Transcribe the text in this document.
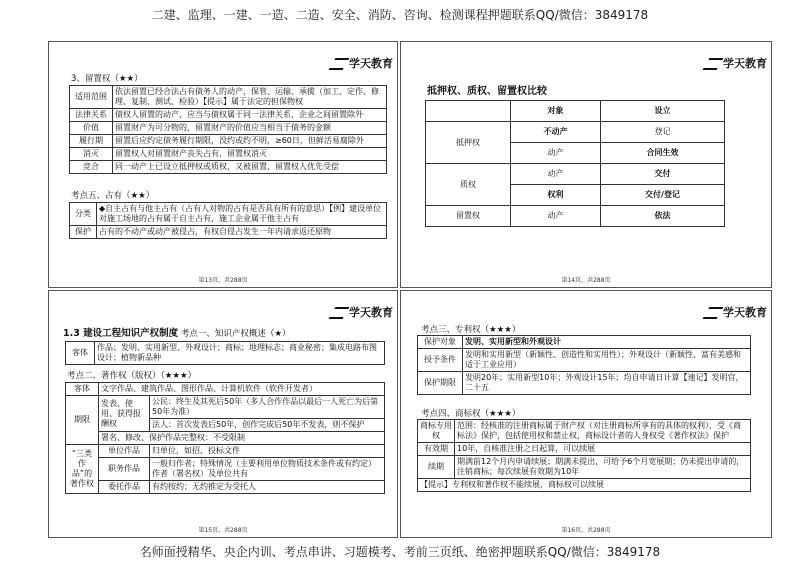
二建、监理、一建、一造、二造、安全、消防、咨询、检测课程押题联系QQ/微信：3849178
学天教育
3、留置权（★★）
适用范围	依法留置已经合法占有债务人的动产，保管、运输、承揽（加工、定作、修理、复制、测试、检验）【提示】属于法定的担保物权
法律关系	债权人留置的动产，应当与债权属于同一法律关系，企业之间留置除外
价值	留置财产为可分物的，留置财产的价值应当相当于债务的金额
履行期	留置后应约定债务履行期限，没约或约不明，≥60日，但鲜活易腐除外
消灭	留置权人对留置财产丧失占有，留置权消灭
竞合	同一动产上已设立抵押权或质权，又被留置，留置权人优先受偿
考点五、占有（★★）
分类	◆自主占有与他主占有（占有人对物的占有是否具有所有的意思）【例】建设单位对施工场地的占有属于自主占有，施工企业属于他主占有
保护	占有的不动产或动产被侵占，有权自侵占发生一年内请求返还原物
第13页，共288页
学天教育
抵押权、质权、留置权比较
	对象	设立
抵押权	不动产	登记
	动产	合同生效
质权	动产	交付
	权利	交付/登记
留置权	动产	依法
第14页，共288页
学天教育
1.3 建设工程知识产权制度 考点一、知识产权概述（★）
客体	作品；发明、实用新型、外观设计；商标；地理标志；商业秘密；集成电路布图设计；植物新品种
考点二、著作权（版权）（★★★）
客体	文字作品、建筑作品、图形作品、计算机软件（软件开发者）	
期限	发表、使用、获得报酬权	公民：终生及其死后50年（多人合作作品以最后一人死亡为后第50年为准）
		法人：首次发表后50年，创作完成后50年不发表，则不保护
	署名、修改、保护作品完整权：不受限制	
“三类作品”的著作权	单位作品	归单位，如招、投标文件
	职务作品	一般归作者；特殊情况（主要利用单位物质技术条件或有约定）作者（署名权）及单位共有
	委托作品	有约按约；无约推定为受托人
第15页，共288页
学天教育
考点三、专利权（★★★）
保护对象	发明、实用新型和外观设计
授予条件	发明和实用新型（新颖性、创造性和实用性）；外观设计（新颖性、富有美感和适于工业应用）
保护期限	发明20年；实用新型10年；外观设计15年；均自申请日计算【速记】发明官，二十五
考点四、商标权（★★★）
商标专用权	范围：经核准的注册商标属于财产权（对注册商标所享有的具体的权利），受《商标法》保护，包括使用权和禁止权，商标设计者的人身权受《著作权法》保护
有效期	10年，自核准注册之日起算，可以续展
续期	期满前12个月内申请续展；期满未提出，可给予6个月宽展期；仍未提出申请的，注销商标；每次续展有效期为10年
【提示】专利权和著作权不能续展，商标权可以续展	
第16页，共288页
名师面授精华、央企内训、考点串讲、习题模考、考前三页纸、绝密押题联系QQ/微信：3849178
